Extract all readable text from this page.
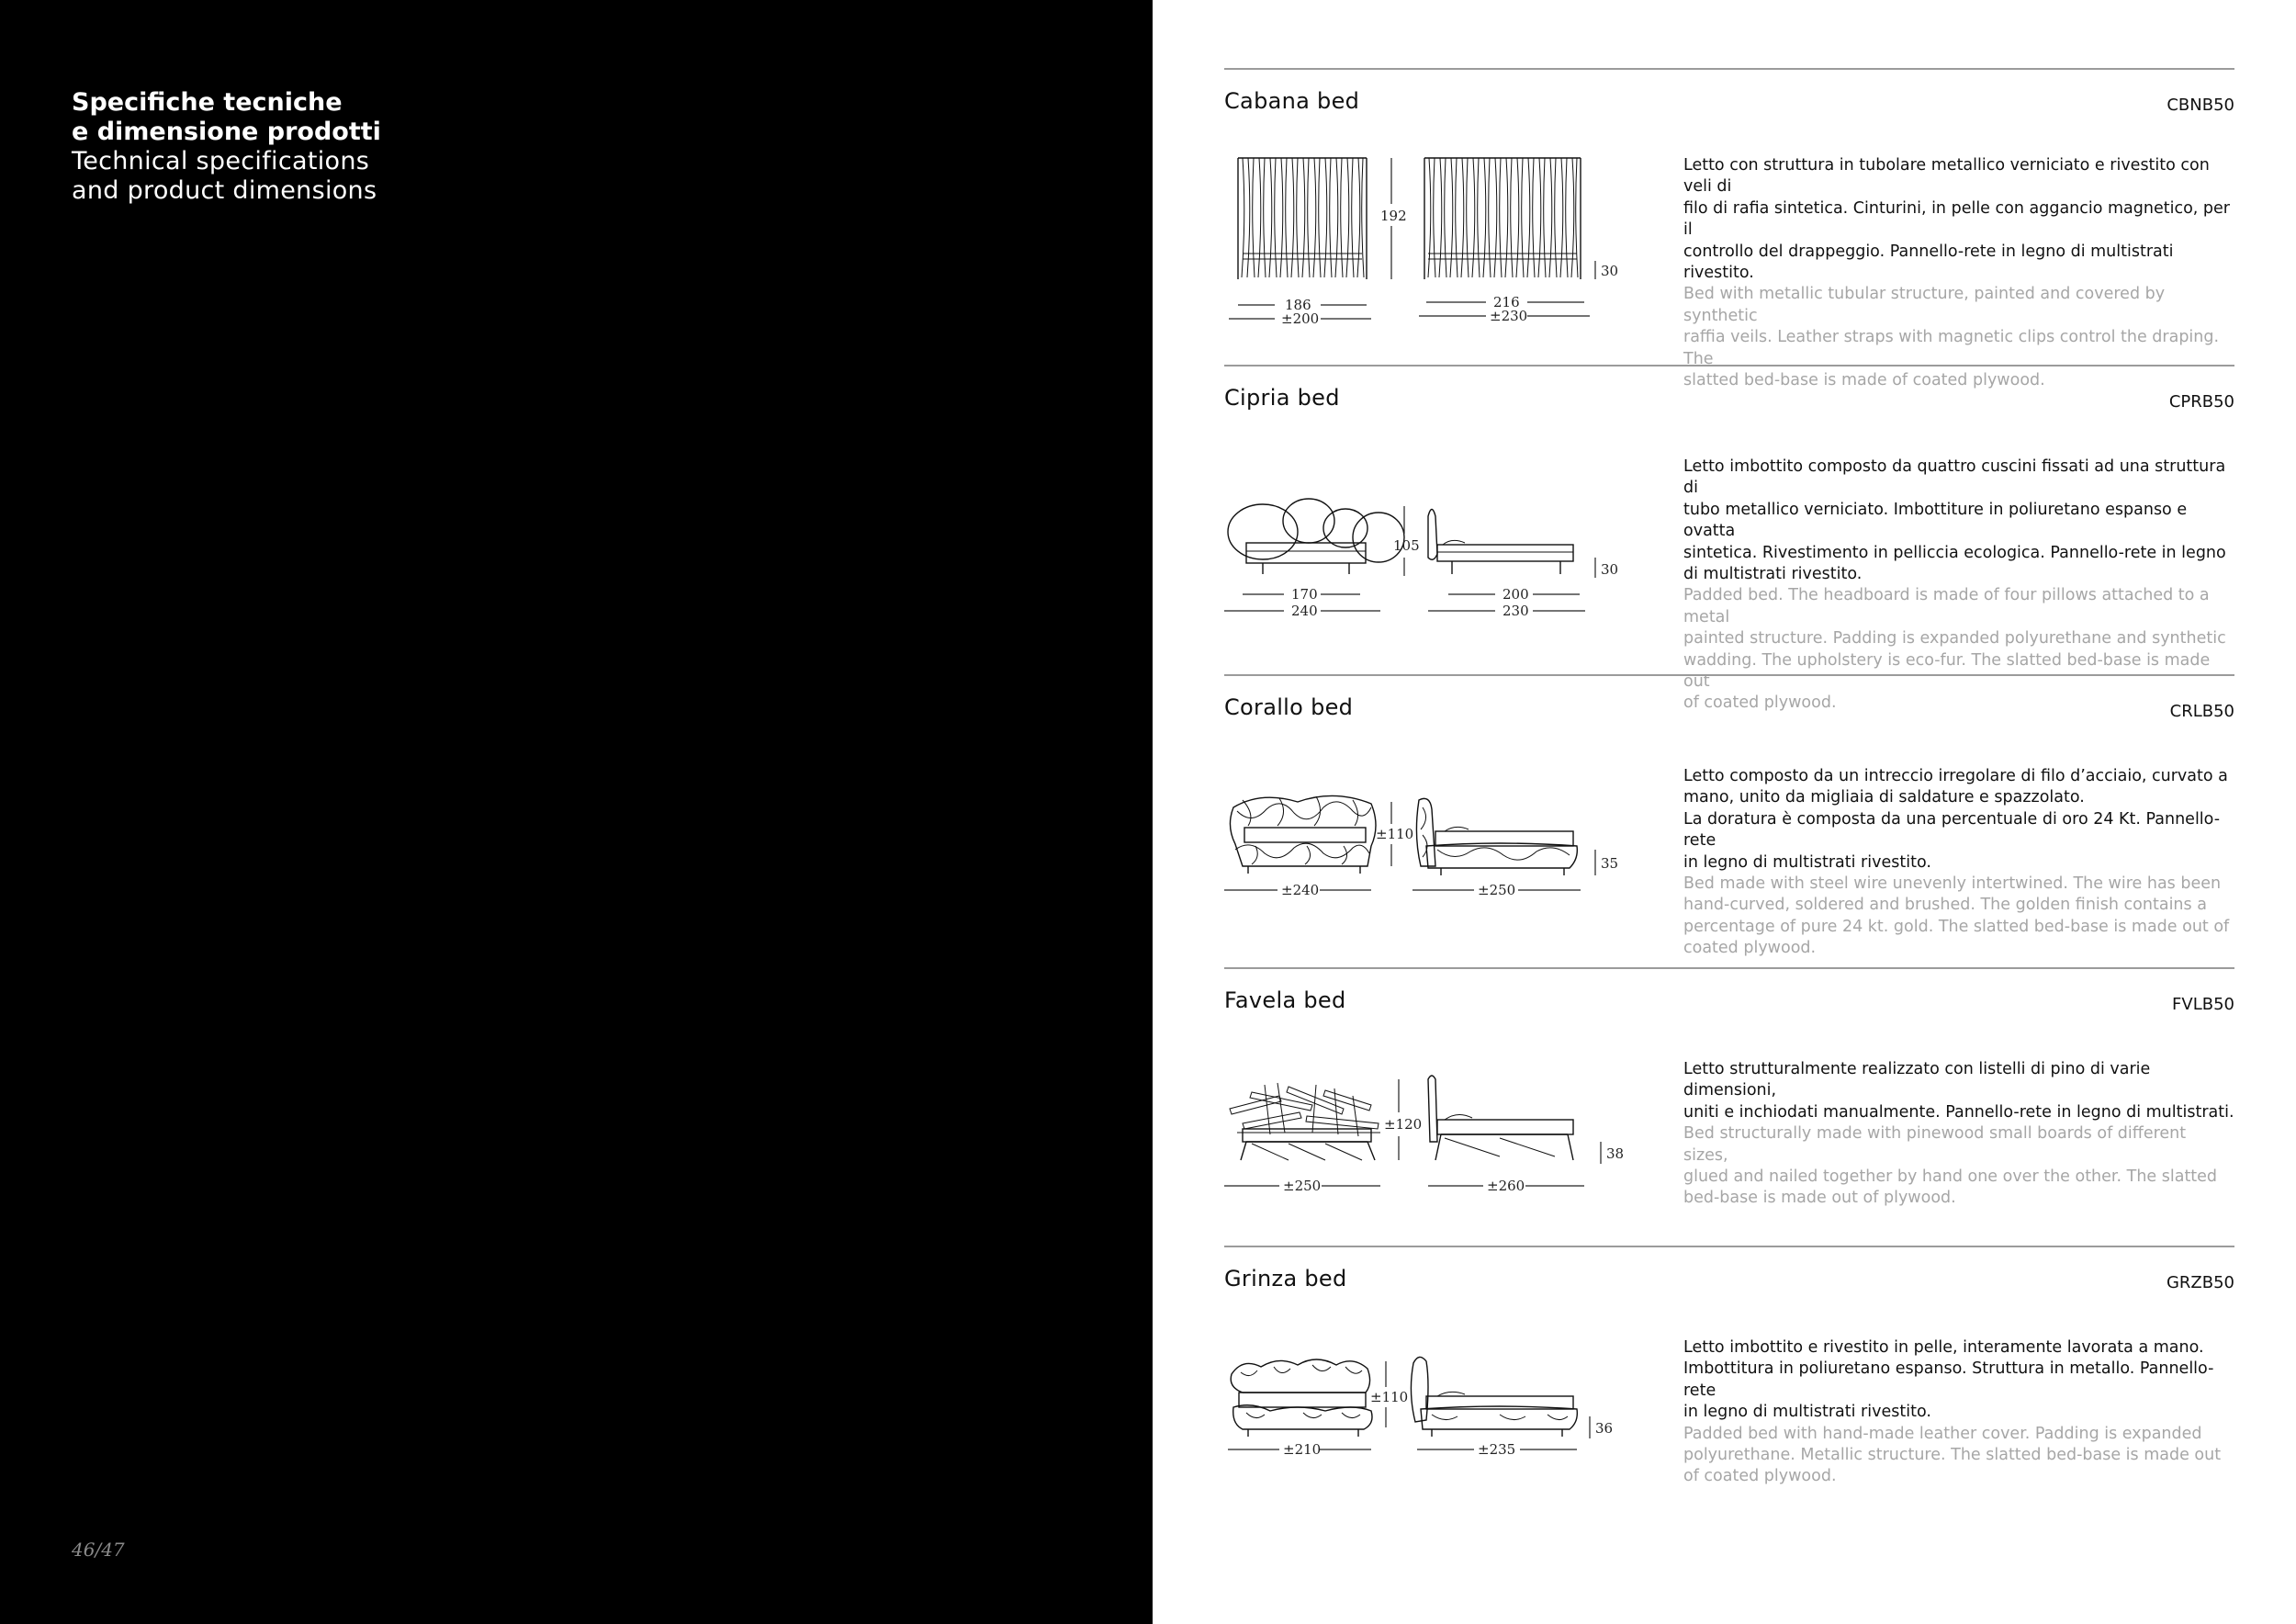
Specifiche tecniche
e dimensione prodotti
Technical specifications
and product dimensions
46/47
Cabana bed	CBNB50
186
±200
192
216
±230
30
Letto con struttura in tubolare metallico verniciato e rivestito con veli di
filo di rafia sintetica. Cinturini, in pelle con aggancio magnetico, per il
controllo del drappeggio. Pannello-rete in legno di multistrati rivestito.
Bed with metallic tubular structure, painted and covered by synthetic
raffia veils. Leather straps with magnetic clips control the draping. The
slatted bed-base is made of coated plywood.
Cipria bed	CPRB50
105
170
240
200
230
30
Letto imbottito composto da quattro cuscini fissati ad una struttura di
tubo metallico verniciato. Imbottiture in poliuretano espanso e ovatta
sintetica. Rivestimento in pelliccia ecologica. Pannello-rete in legno
di multistrati rivestito.
Padded bed. The headboard is made of four pillows attached to a metal
painted structure. Padding is expanded polyurethane and synthetic
wadding. The upholstery is eco-fur. The slatted bed-base is made out
of coated plywood.
Corallo bed	CRLB50
±110
±240	±250
35
Letto composto da un intreccio irregolare di filo d’acciaio, curvato a
mano, unito da migliaia di saldature e spazzolato.
La doratura è composta da una percentuale di oro 24 Kt. Pannello-rete
in legno di multistrati rivestito.
Bed made with steel wire unevenly intertwined. The wire has been
hand-curved, soldered and brushed. The golden finish contains a
percentage of pure 24 kt. gold. The slatted bed-base is made out of
coated plywood.
Favela bed	FVLB50
±120
±250	±260
38
Letto strutturalmente realizzato con listelli di pino di varie dimensioni,
uniti e inchiodati manualmente. Pannello-rete in legno di multistrati.
Bed structurally made with pinewood small boards of different sizes,
glued and nailed together by hand one over the other. The slatted
bed-base is made out of plywood.
Grinza bed	GRZB50
±110
±210	±235
36
Letto imbottito e rivestito in pelle, interamente lavorata a mano.
Imbottitura in poliuretano espanso. Struttura in metallo. Pannello-rete
in legno di multistrati rivestito.
Padded bed with hand-made leather cover. Padding is expanded
polyurethane. Metallic structure. The slatted bed-base is made out
of coated plywood.
